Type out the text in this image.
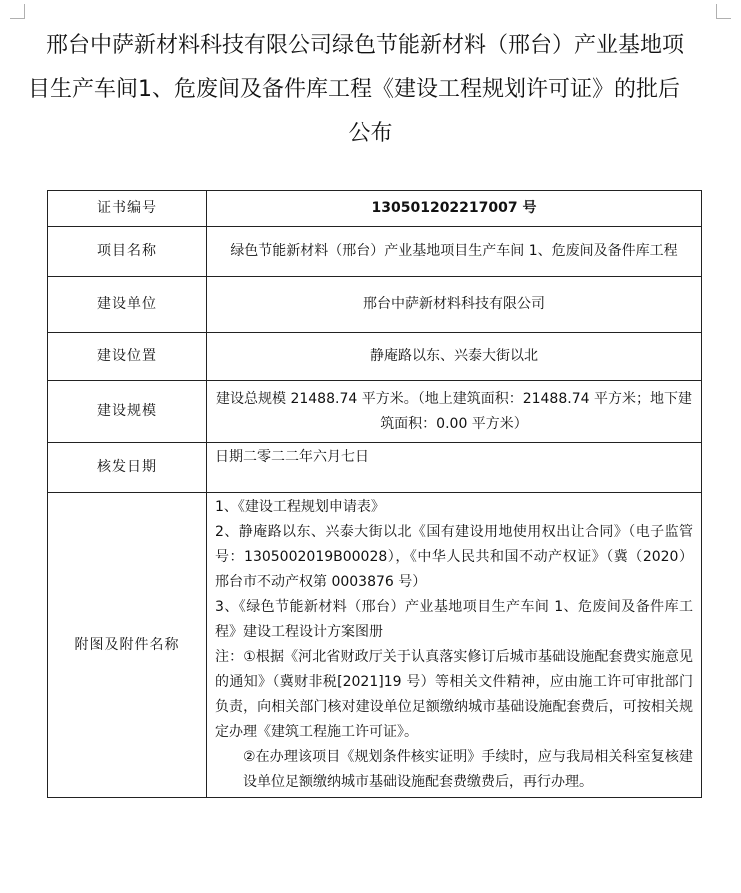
邢台中萨新材料科技有限公司绿色节能新材料（邢台）产业基地项
目生产车间1、危废间及备件库工程《建设工程规划许可证》的批后
公布
证书编号	130501202217007 号
项目名称	绿色节能新材料（邢台）产业基地项目生产车间 1、危废间及备件库工程
建设单位	邢台中萨新材料科技有限公司
建设位置	静庵路以东、兴泰大街以北
建设规模	建设总规模 21488.74 平方米。（地上建筑面积：21488.74 平方米；地下建筑面积：0.00 平方米）
核发日期	日期二零二二年六月七日
附图及附件名称	1、《建设工程规划申请表》
2、静庵路以东、兴泰大街以北《国有建设用地使用权出让合同》（电子监管号：1305002019B00028），《中华人民共和国不动产权证》（冀（2020）邢台市不动产权第 0003876 号）
3、《绿色节能新材料（邢台）产业基地项目生产车间 1、危废间及备件库工程》建设工程设计方案图册
注：①根据《河北省财政厅关于认真落实修订后城市基础设施配套费实施意见的通知》（冀财非税[2021]19 号）等相关文件精神，应由施工许可审批部门负责，向相关部门核对建设单位足额缴纳城市基础设施配套费后，可按相关规定办理《建筑工程施工许可证》。
②在办理该项目《规划条件核实证明》手续时，应与我局相关科室复核建设单位足额缴纳城市基础设施配套费缴费后，再行办理。
